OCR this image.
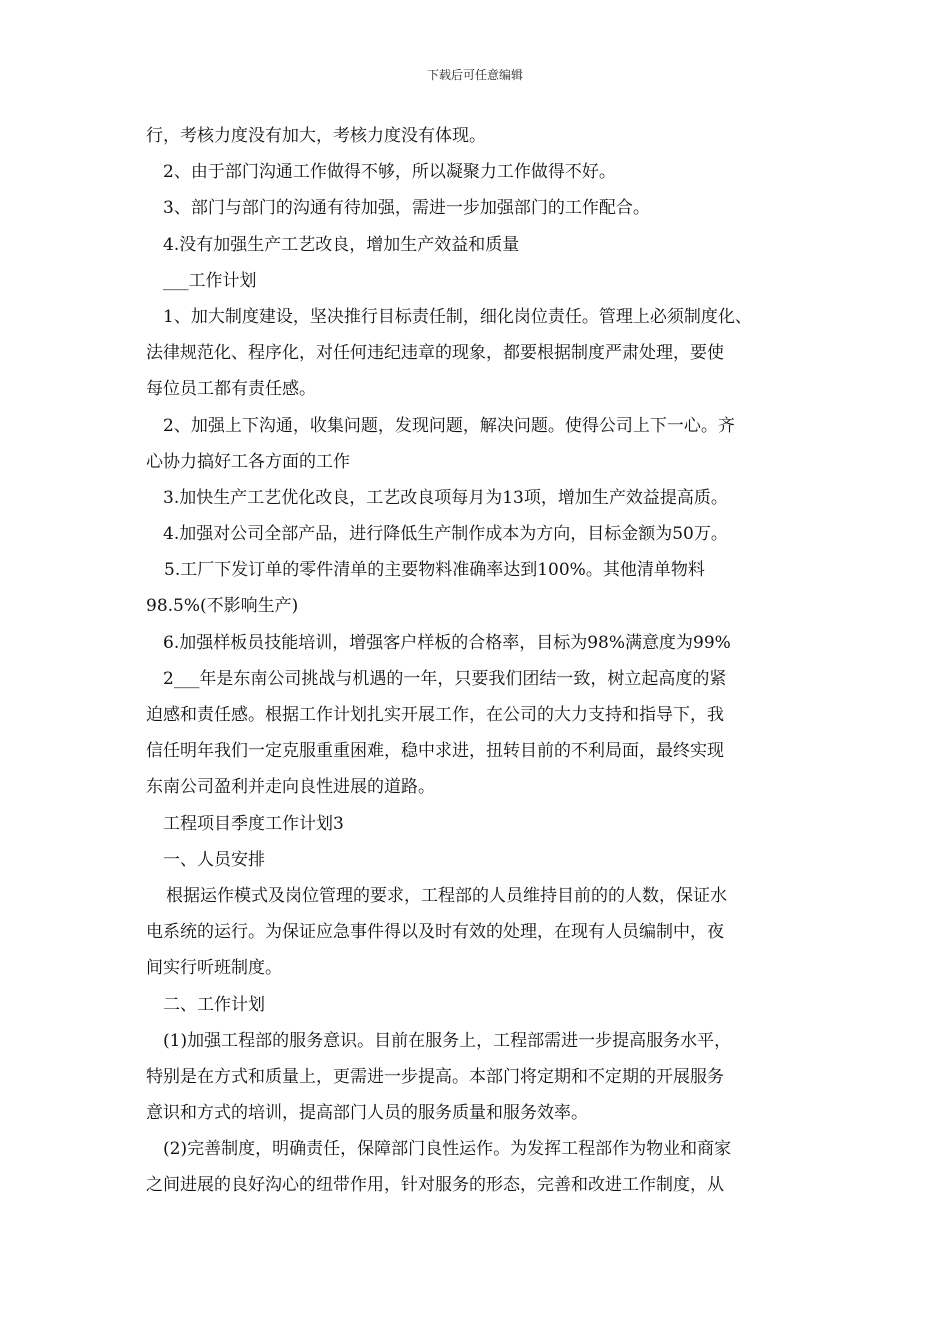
下载后可任意编辑
行，考核力度没有加大，考核力度没有体现。
2、由于部门沟通工作做得不够，所以凝聚力工作做得不好。
3、部门与部门的沟通有待加强，需进一步加强部门的工作配合。
4.没有加强生产工艺改良，增加生产效益和质量
___工作计划
1、加大制度建设，坚决推行目标责任制，细化岗位责任。管理上必须制度化、
法律规范化、程序化，对任何违纪违章的现象，都要根据制度严肃处理，要使
每位员工都有责任感。
2、加强上下沟通，收集问题，发现问题，解决问题。使得公司上下一心。齐
心协力搞好工各方面的工作
3.加快生产工艺优化改良，工艺改良项每月为13项，增加生产效益提高质。
4.加强对公司全部产品，进行降低生产制作成本为方向，目标金额为50万。
5.工厂下发订单的零件清单的主要物料准确率达到100%。其他清单物料
98.5%(不影响生产)
6.加强样板员技能培训，增强客户样板的合格率，目标为98%满意度为99%
2___年是东南公司挑战与机遇的一年，只要我们团结一致，树立起高度的紧
迫感和责任感。根据工作计划扎实开展工作，在公司的大力支持和指导下，我
信任明年我们一定克服重重困难，稳中求进，扭转目前的不利局面，最终实现
东南公司盈利并走向良性进展的道路。
工程项目季度工作计划3
一、人员安排
根据运作模式及岗位管理的要求，工程部的人员维持目前的的人数，保证水
电系统的运行。为保证应急事件得以及时有效的处理，在现有人员编制中，夜
间实行听班制度。
二、工作计划
(1)加强工程部的服务意识。目前在服务上，工程部需进一步提高服务水平，
特别是在方式和质量上，更需进一步提高。本部门将定期和不定期的开展服务
意识和方式的培训，提高部门人员的服务质量和服务效率。
(2)完善制度，明确责任，保障部门良性运作。为发挥工程部作为物业和商家
之间进展的良好沟心的纽带作用，针对服务的形态，完善和改进工作制度，从
